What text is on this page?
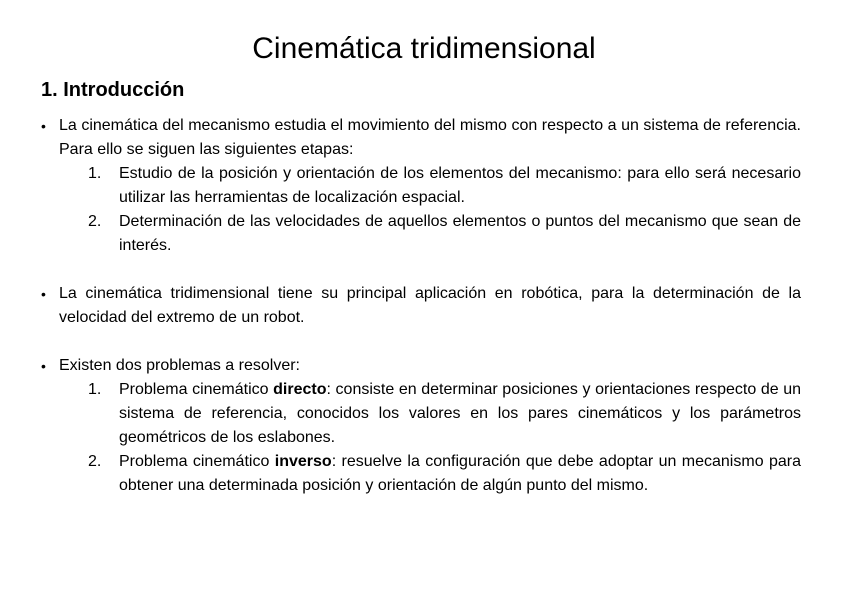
Cinemática tridimensional
1. Introducción
• La cinemática del mecanismo estudia el movimiento del mismo con respecto a un sistema de referencia. Para ello se siguen las siguientes etapas:
1. Estudio de la posición y orientación de los elementos del mecanismo: para ello será necesario utilizar las herramientas de localización espacial.
2. Determinación de las velocidades de aquellos elementos o puntos del mecanismo que sean de interés.
• La cinemática tridimensional tiene su principal aplicación en robótica, para la determinación de la velocidad del extremo de un robot.
• Existen dos problemas a resolver:
1. Problema cinemático directo: consiste en determinar posiciones y orientaciones respecto de un sistema de referencia, conocidos los valores en los pares cinemáticos y los parámetros geométricos de los eslabones.
2. Problema cinemático inverso: resuelve la configuración que debe adoptar un mecanismo para obtener una determinada posición y orientación de algún punto del mismo.
